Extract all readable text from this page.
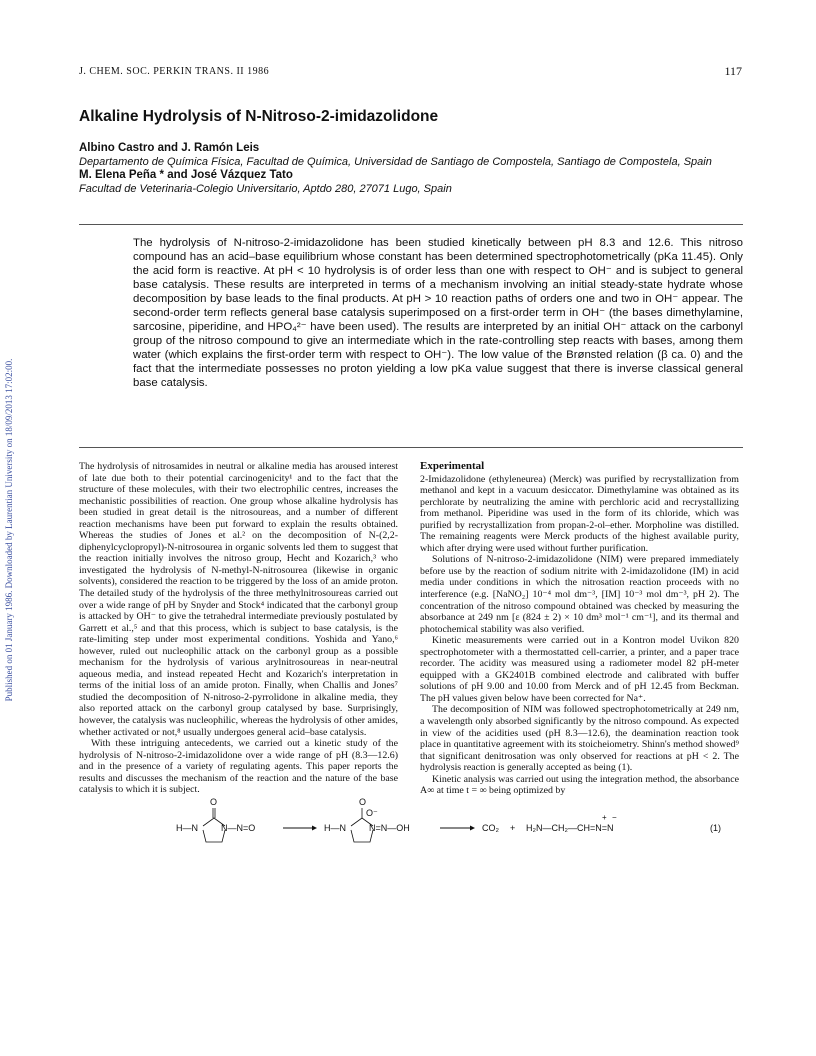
Published on 01 January 1986. Downloaded by Laurentian University on 18/09/2013 17:02:00.
J. CHEM. SOC. PERKIN TRANS. II 1986	117
Alkaline Hydrolysis of N-Nitroso-2-imidazolidone
Albino Castro and J. Ramón Leis
Departamento de Química Física, Facultad de Química, Universidad de Santiago de Compostela, Santiago de Compostela, Spain
M. Elena Peña * and José Vázquez Tato
Facultad de Veterinaria-Colegio Universitario, Aptdo 280, 27071 Lugo, Spain
The hydrolysis of N-nitroso-2-imidazolidone has been studied kinetically between pH 8.3 and 12.6. This nitroso compound has an acid–base equilibrium whose constant has been determined spectrophotometrically (pKa 11.45). Only the acid form is reactive. At pH < 10 hydrolysis is of order less than one with respect to OH⁻ and is subject to general base catalysis. These results are interpreted in terms of a mechanism involving an initial steady-state hydrate whose decomposition by base leads to the final products. At pH > 10 reaction paths of orders one and two in OH⁻ appear. The second-order term reflects general base catalysis superimposed on a first-order term in OH⁻ (the bases dimethylamine, sarcosine, piperidine, and HPO₄²⁻ have been used). The results are interpreted by an initial OH⁻ attack on the carbonyl group of the nitroso compound to give an intermediate which in the rate-controlling step reacts with bases, among them water (which explains the first-order term with respect to OH⁻). The low value of the Brønsted relation (β ca. 0) and the fact that the intermediate possesses no proton yielding a low pKa value suggest that there is inverse classical general base catalysis.

The hydrolysis of nitrosamides in neutral or alkaline media has aroused interest of late due both to their potential carcinogenicity¹ and to the fact that the structure of these molecules, with their two electrophilic centres, increases the mechanistic possibilities of reaction. One group whose alkaline hydrolysis has been studied in great detail is the nitrosoureas, and a number of different reaction mechanisms have been put forward to explain the results obtained. Whereas the studies of Jones et al.² on the decomposition of N-(2,2-diphenylcyclopropyl)-N-nitrosourea in organic solvents led them to suggest that the reaction initially involves the nitroso group, Hecht and Kozarich,³ who investigated the hydrolysis of N-methyl-N-nitrosourea (likewise in organic solvents), considered the reaction to be triggered by the loss of an amide proton. The detailed study of the hydrolysis of the three methylnitrosoureas carried out over a wide range of pH by Snyder and Stock⁴ indicated that the carbonyl group is attacked by OH⁻ to give the tetrahedral intermediate previously postulated by Garrett et al.,⁵ and that this process, which is subject to base catalysis, is the rate-limiting step under most experimental conditions. Yoshida and Yano,⁶ however, ruled out nucleophilic attack on the carbonyl group as a possible mechanism for the hydrolysis of various arylnitrosoureas in near-neutral aqueous media, and instead repeated Hecht and Kozarich's interpretation in terms of the initial loss of an amide proton. Finally, when Challis and Jones⁷ studied the decomposition of N-nitroso-2-pyrrolidone in alkaline media, they also reported attack on the carbonyl group catalysed by base. Surprisingly, however, the catalysis was nucleophilic, whereas the hydrolysis of other amides, whether activated or not,⁸ usually undergoes general acid–base catalysis.

With these intriguing antecedents, we carried out a kinetic study of the hydrolysis of N-nitroso-2-imidazolidone over a wide range of pH (8.3—12.6) and in the presence of a variety of regulating agents. This paper reports the results and discusses the mechanism of the reaction and the nature of the base catalysis to which it is subject.

Experimental

2-Imidazolidone (ethyleneurea) (Merck) was purified by recrystallization from methanol and kept in a vacuum desiccator. Dimethylamine was obtained as its perchlorate by neutralizing the amine with perchloric acid and recrystallizing from methanol. Piperidine was used in the form of its chloride, which was purified by recrystallization from propan-2-ol–ether. Morpholine was distilled. The remaining reagents were Merck products of the highest available purity, which after drying were used without further purification.

Solutions of N-nitroso-2-imidazolidone (NIM) were prepared immediately before use by the reaction of sodium nitrite with 2-imidazolidone (IM) in acid media under conditions in which the nitrosation reaction proceeds with no interference (e.g. [NaNO₂] 10⁻⁴ mol dm⁻³, [IM] 10⁻³ mol dm⁻³, pH 2). The concentration of the nitroso compound obtained was checked by measuring the absorbance at 249 nm [ε (824 ± 2) × 10 dm³ mol⁻¹ cm⁻¹], and its thermal and photochemical stability was also verified.

Kinetic measurements were carried out in a Kontron model Uvikon 820 spectrophotometer with a thermostatted cell-carrier, a printer, and a paper trace recorder. The acidity was measured using a radiometer model 82 pH-meter equipped with a GK2401B combined electrode and calibrated with buffer solutions of pH 9.00 and 10.00 from Merck and of pH 12.45 from Beckman. The pH values given below have been corrected for Na⁺.

The decomposition of NIM was followed spectrophotometrically at 249 nm, a wavelength only absorbed significantly by the nitroso compound. As expected in view of the acidities used (pH 8.3—12.6), the deamination reaction took place in quantitative agreement with its stoicheiometry. Shinn's method showed⁹ that significant denitrosation was only observed for reactions at pH < 2. The hydrolysis reaction is generally accepted as being (1).

Kinetic analysis was carried out using the integration method, the absorbance A∞ at time t = ∞ being optimized by

O
H—N	N—N=O
O
O⁻
H—N	N=N—OH	CO₂ + H₂N—CH₂—CH=N=N
+ −
(1)
